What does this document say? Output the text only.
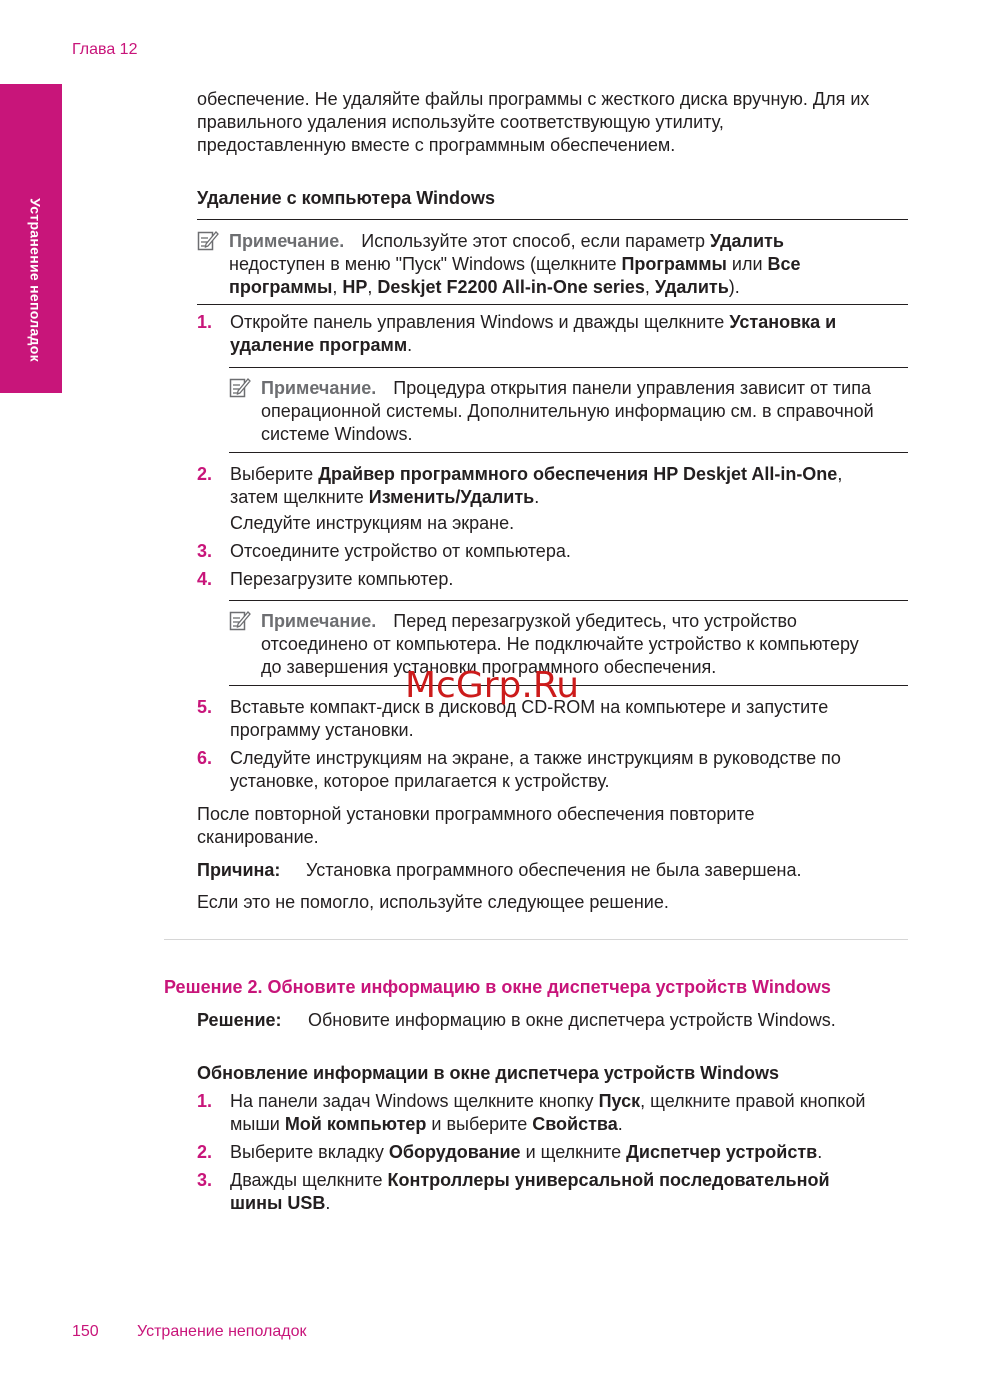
Глава 12
Устранение неполадок
обеспечение. Не удаляйте файлы программы с жесткого диска вручную. Для их
правильного удаления используйте соответствующую утилиту,
предоставленную вместе с программным обеспечением.
Удаление с компьютера Windows
Примечание. Используйте этот способ, если параметр Удалить
недоступен в меню "Пуск" Windows (щелкните Программы или Все
программы, HP, Deskjet F2200 All-in-One series, Удалить).
1. Откройте панель управления Windows и дважды щелкните Установка и
удаление программ.
Примечание. Процедура открытия панели управления зависит от типа
операционной системы. Дополнительную информацию см. в справочной
системе Windows.
2. Выберите Драйвер программного обеспечения HP Deskjet All-in-One,
затем щелкните Изменить/Удалить.
Следуйте инструкциям на экране.
3. Отсоедините устройство от компьютера.
4. Перезагрузите компьютер.
Примечание. Перед перезагрузкой убедитесь, что устройство
отсоединено от компьютера. Не подключайте устройство к компьютеру
до завершения установки программного обеспечения.
5. Вставьте компакт-диск в дисковод CD-ROM на компьютере и запустите
программу установки.
6. Следуйте инструкциям на экране, а также инструкциям в руководстве по
установке, которое прилагается к устройству.
После повторной установки программного обеспечения повторите
сканирование.
Причина: Установка программного обеспечения не была завершена.
Если это не помогло, используйте следующее решение.
Решение 2. Обновите информацию в окне диспетчера устройств Windows
Решение: Обновите информацию в окне диспетчера устройств Windows.
Обновление информации в окне диспетчера устройств Windows
1. На панели задач Windows щелкните кнопку Пуск, щелкните правой кнопкой
мыши Мой компьютер и выберите Свойства.
2. Выберите вкладку Оборудование и щелкните Диспетчер устройств.
3. Дважды щелкните Контроллеры универсальной последовательной
шины USB.
McGrp.Ru
150 Устранение неполадок
